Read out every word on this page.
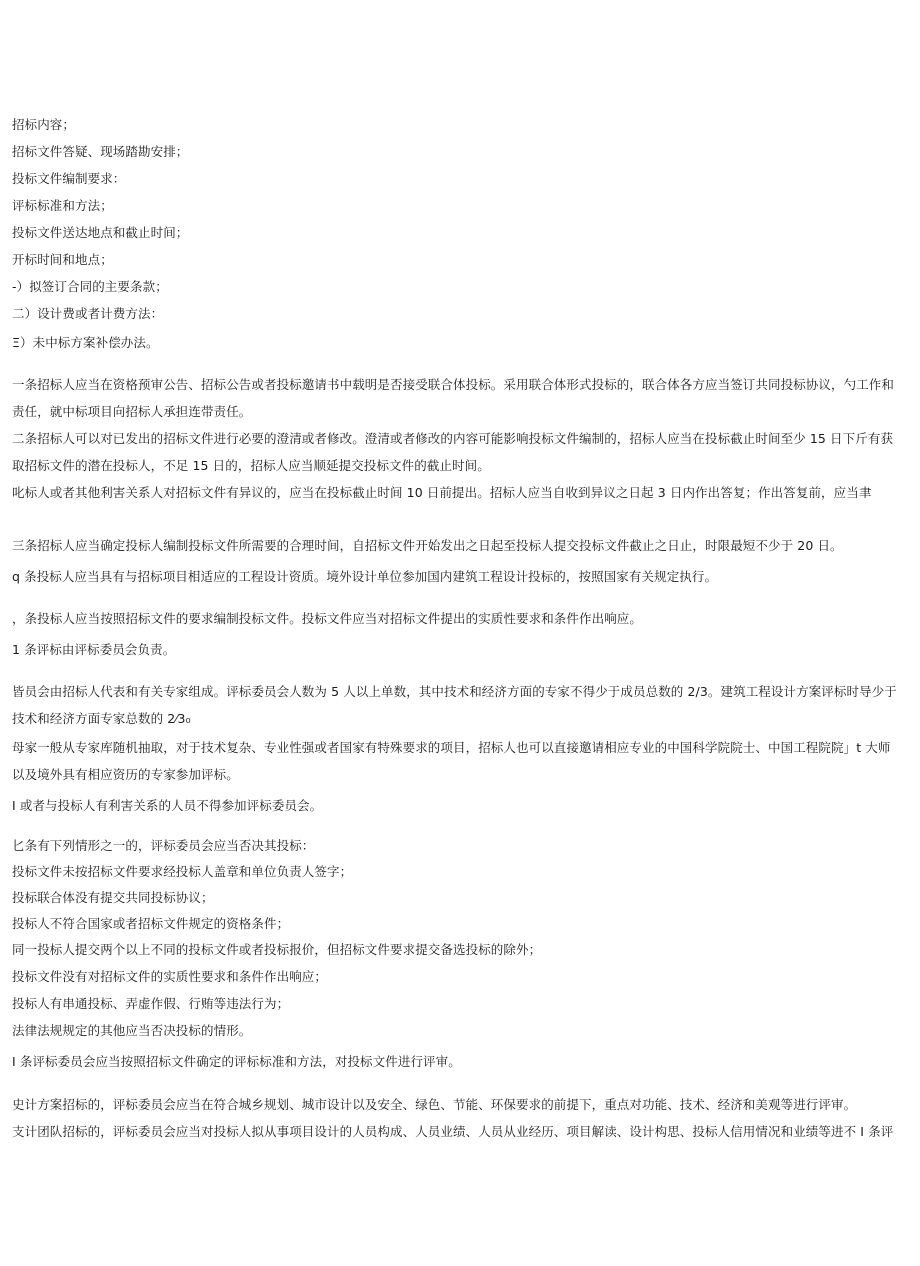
招标内容；
招标文件答疑、现场踏勘安排；
投标文件编制要求：
评标标准和方法；
投标文件送达地点和截止时间；
开标时间和地点；
-）拟签订合同的主要条款；
二）设计费或者计费方法：
Ξ）未中标方案补偿办法。
一条招标人应当在资格预审公告、招标公告或者投标邀请书中载明是否接受联合体投标。采用联合体形式投标的，联合体各方应当签订共同投标协议，勺工作和
责任，就中标项目向招标人承担连带责任。
二条招标人可以对已发出的招标文件进行必要的澄清或者修改。澄清或者修改的内容可能影响投标文件编制的，招标人应当在投标截止时间至少 15 日下斤有获
取招标文件的潜在投标人，不足 15 日的，招标人应当顺延提交投标文件的截止时间。
叱标人或者其他利害关系人对招标文件有异议的，应当在投标截止时间 10 日前提出。招标人应当自收到异议之日起 3 日内作出答复；作出答复前，应当聿
三条招标人应当确定投标人编制投标文件所需要的合理时间，自招标文件开始发出之日起至投标人提交投标文件截止之日止，时限最短不少于 20 日。
q 条投标人应当具有与招标项目相适应的工程设计资质。境外设计单位参加国内建筑工程设计投标的，按照国家有关规定执行。
，条投标人应当按照招标文件的要求编制投标文件。投标文件应当对招标文件提出的实质性要求和条件作出响应。
1 条评标由评标委员会负责。
皆员会由招标人代表和有关专家组成。评标委员会人数为 5 人以上单数，其中技术和经济方面的专家不得少于成员总数的 2/3。建筑工程设计方案评标时导少于
技术和经济方面专家总数的 2⁄3₀
母家一般从专家库随机抽取，对于技术复杂、专业性强或者国家有特殊要求的项目，招标人也可以直接邀请相应专业的中国科学院院士、中国工程院院」t 大师
以及境外具有相应资历的专家参加评标。
I 或者与投标人有利害关系的人员不得参加评标委员会。
匕条有下列情形之一的，评标委员会应当否决其投标：
投标文件未按招标文件要求经投标人盖章和单位负责人签字；
投标联合体没有提交共同投标协议；
投标人不符合国家或者招标文件规定的资格条件；
同一投标人提交两个以上不同的投标文件或者投标报价，但招标文件要求提交备选投标的除外；
投标文件没有对招标文件的实质性要求和条件作出响应；
投标人有串通投标、弄虚作假、行贿等违法行为；
法律法规规定的其他应当否决投标的情形。
I 条评标委员会应当按照招标文件确定的评标标准和方法，对投标文件进行评审。
史计方案招标的，评标委员会应当在符合城乡规划、城市设计以及安全、绿色、节能、环保要求的前提下，重点对功能、技术、经济和美观等进行评审。
支计团队招标的，评标委员会应当对投标人拟从事项目设计的人员构成、人员业绩、人员从业经历、项目解读、设计构思、投标人信用情况和业绩等进不 I 条评
